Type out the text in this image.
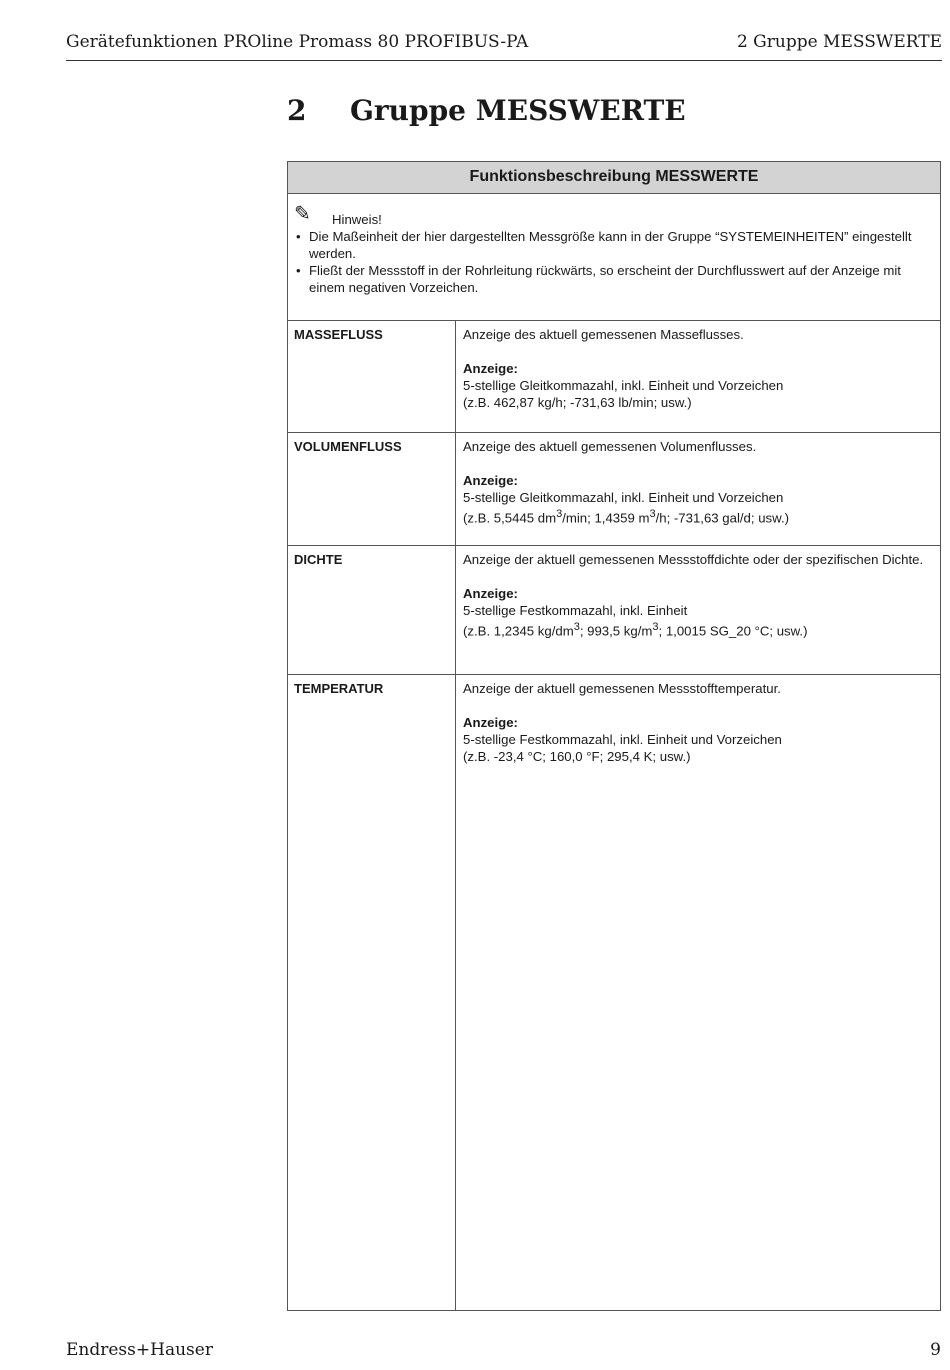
Gerätefunktionen PROline Promass 80 PROFIBUS-PA	2 Gruppe MESSWERTE
2 Gruppe MESSWERTE
Funktionsbeschreibung MESSWERTE
✎	Hinweis!
• Die Maßeinheit der hier dargestellten Messgröße kann in der Gruppe “SYSTEMEINHEITEN” eingestellt werden.
• Fließt der Messstoff in der Rohrleitung rückwärts, so erscheint der Durchflusswert auf der Anzeige mit einem negativen Vorzeichen.
MASSEFLUSS	Anzeige des aktuell gemessenen Masseflusses.

Anzeige:

5-stellige Gleitkommazahl, inkl. Einheit und Vorzeichen

(z.B. 462,87 kg/h; -731,63 lb/min; usw.)

VOLUMENFLUSS	Anzeige des aktuell gemessenen Volumenflusses.

Anzeige:

5-stellige Gleitkommazahl, inkl. Einheit und Vorzeichen

(z.B. 5,5445 $dm^3/\min$; 1,4359 $m^3/h$; -731,63 gal/d; usw.)

DICHTE	Anzeige der aktuell gemessenen Messstoffdichte oder der spezifischen Dichte.

Anzeige:

5-stellige Festkommazahl, inkl. Einheit

(z.B. 1,2345 $kg/dm^3$; 993,5 $kg/m^3$; 1,0015 SG_20 °C; usw.)

TEMPERATUR	Anzeige der aktuell gemessenen Messstofftemperatur.

Anzeige:

5-stellige Festkommazahl, inkl. Einheit und Vorzeichen

(z.B. -23,4 °C; 160,0 °F; 295,4 K; usw.)

Endress+Hauser	9
